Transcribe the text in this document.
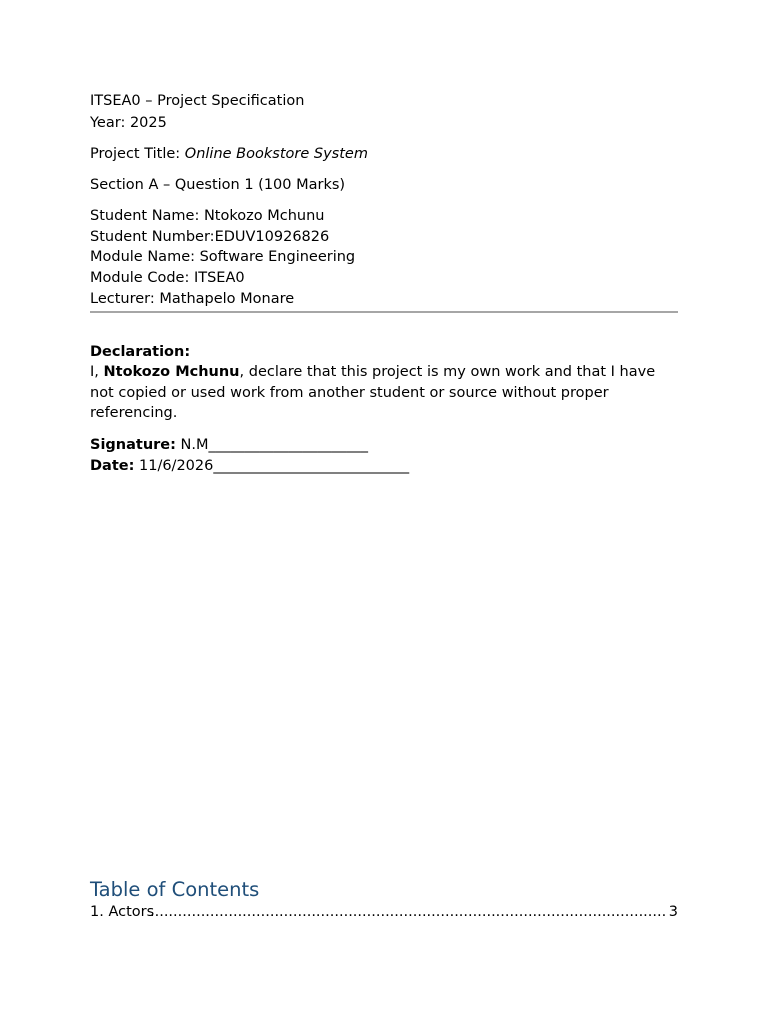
ITSEA0 – Project Specification
Year: 2025
Project Title: Online Bookstore System
Section A – Question 1 (100 Marks)
Student Name: Ntokozo Mchunu
Student Number:EDUV10926826
Module Name: Software Engineering
Module Code: ITSEA0
Lecturer: Mathapelo Monare
Declaration:
I, Ntokozo Mchunu, declare that this project is my own work and that I have not copied or used work from another student or source without proper referencing.
Signature: N.M______________________
Date: 11/6/2026___________________________
Table of Contents
1. Actors
.....	3
